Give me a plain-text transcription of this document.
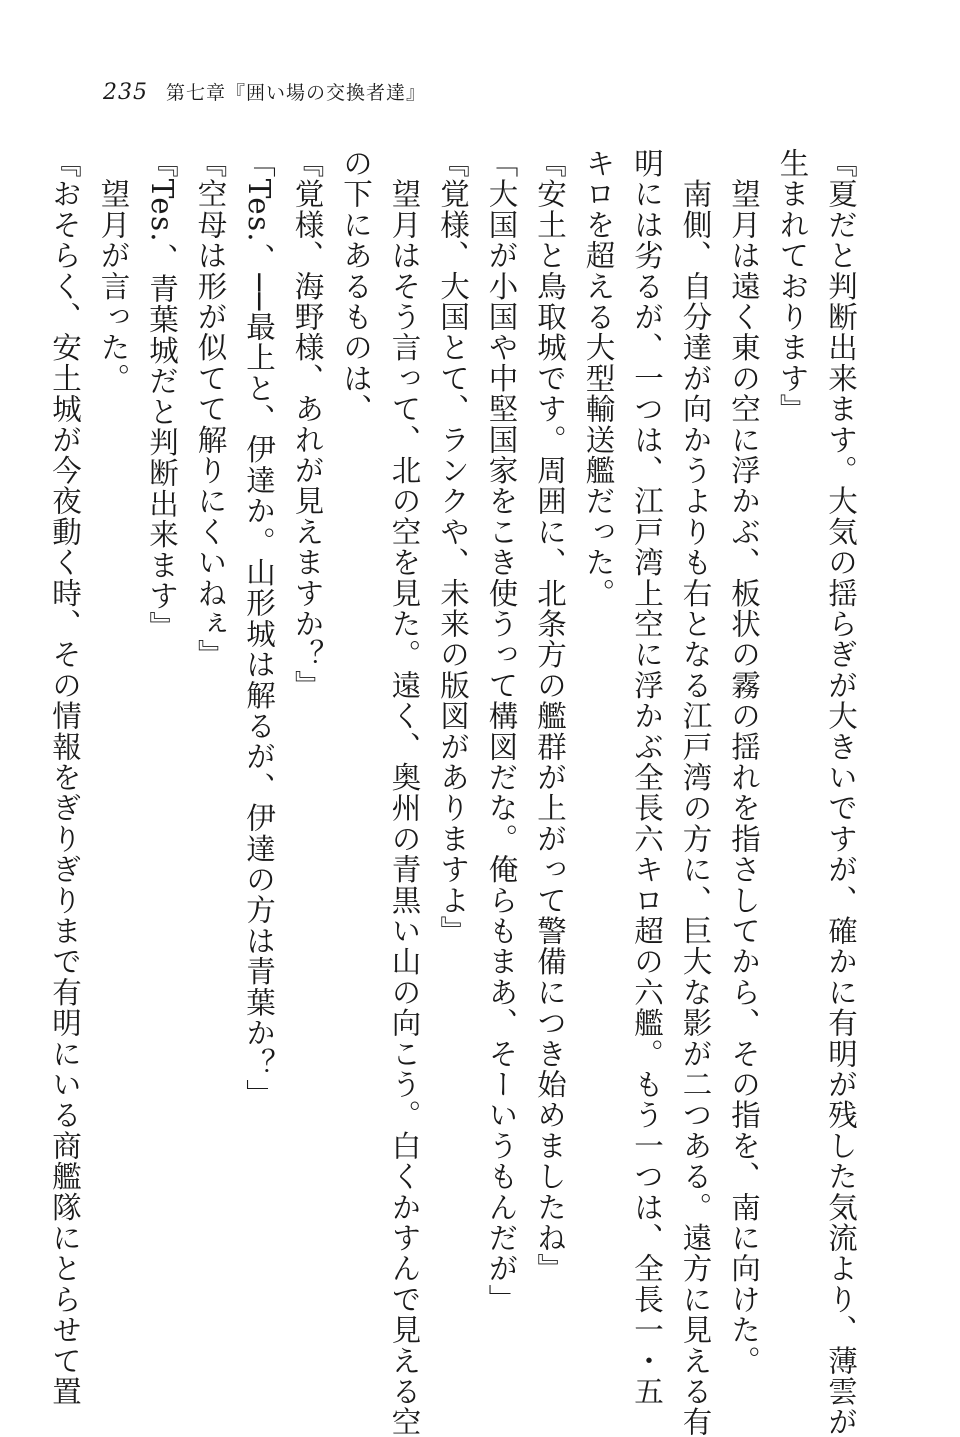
235 第七章『囲い場の交換者達』
『夏だと判断出来ます。大気の揺らぎが大きいですが、確かに有明が残した気流より、薄雲が
生まれております』
　望月は遠く東の空に浮かぶ、板状の霧の揺れを指さしてから、その指を、南に向けた。
　南側、自分達が向かうよりも右となる江戸湾の方に、巨大な影が二つある。遠方に見える有
明には劣るが、一つは、江戸湾上空に浮かぶ全長六キロ超の六艦。もう一つは、全長一・五
キロを超える大型輸送艦だった。
『安土と鳥取城です。周囲に、北条方の艦群が上がって警備につき始めましたね』
「大国が小国や中堅国家をこき使うって構図だな。俺らもまあ、そーいうもんだが」
『覚様、大国とて、ランクや、未来の版図がありますよ』
　望月はそう言って、北の空を見た。遠く、奥州の青黒い山の向こう。白くかすんで見える空
の下にあるものは、
『覚様、海野様、あれが見えますか？』
「Tes.、──最上と、伊達か。山形城は解るが、伊達の方は青葉か？」
『空母は形が似てて解りにくいねぇ』
『Tes.、青葉城だと判断出来ます』
　望月が言った。
『おそらく、安土城が今夜動く時、その情報をぎりぎりまで有明にいる商艦隊にとらせて置
